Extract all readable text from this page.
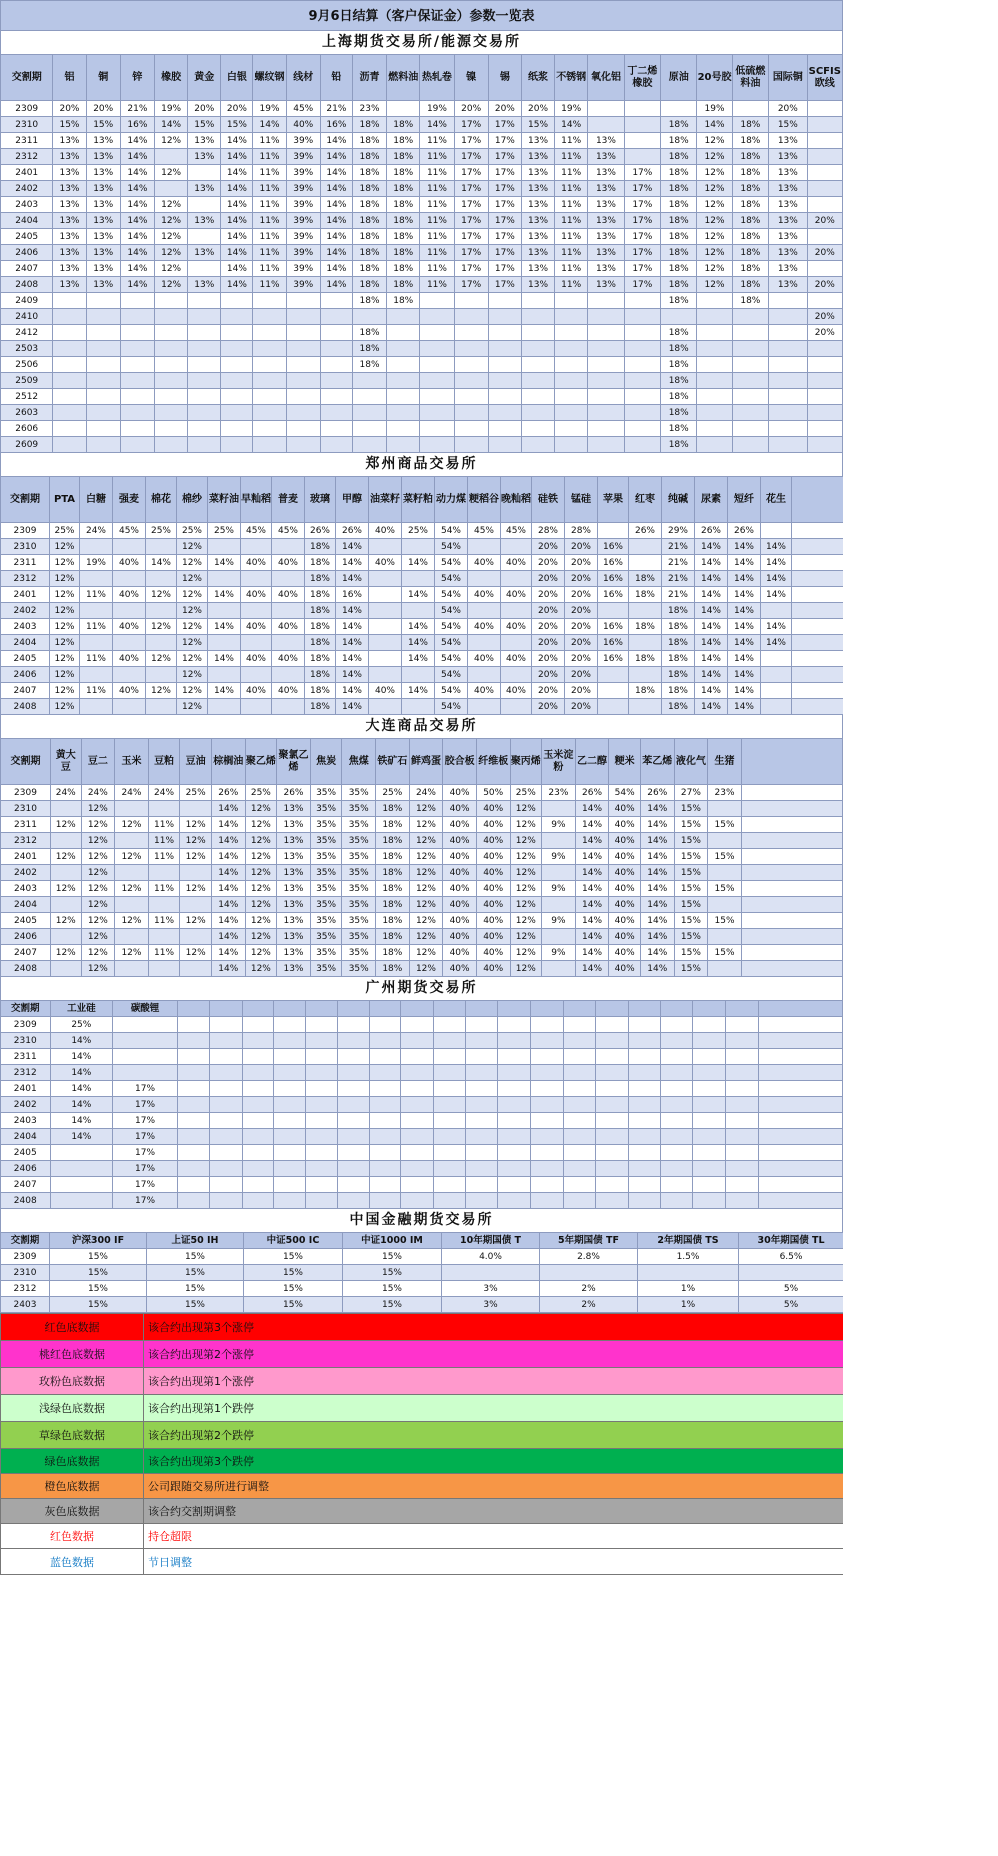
9月6日结算（客户保证金）参数一览表
上海期货交易所/能源交易所
交割期	铝	铜	锌	橡胶	黄金	白银	螺纹钢	线材	铅	沥青	燃料油	热轧卷	镍	锡	纸浆	不锈钢	氧化铝	丁二烯橡胶	原油	20号胶	低硫燃料油	国际铜	SCFIS欧线
2309	20%	20%	21%	19%	20%	20%	19%	45%	21%	23%		19%	20%	20%	20%	19%				19%		20%	
2310	15%	15%	16%	14%	15%	15%	14%	40%	16%	18%	18%	14%	17%	17%	15%	14%			18%	14%	18%	15%	
2311	13%	13%	14%	12%	13%	14%	11%	39%	14%	18%	18%	11%	17%	17%	13%	11%	13%		18%	12%	18%	13%	
2312	13%	13%	14%		13%	14%	11%	39%	14%	18%	18%	11%	17%	17%	13%	11%	13%		18%	12%	18%	13%	
2401	13%	13%	14%	12%		14%	11%	39%	14%	18%	18%	11%	17%	17%	13%	11%	13%	17%	18%	12%	18%	13%	
2402	13%	13%	14%		13%	14%	11%	39%	14%	18%	18%	11%	17%	17%	13%	11%	13%	17%	18%	12%	18%	13%	
2403	13%	13%	14%	12%		14%	11%	39%	14%	18%	18%	11%	17%	17%	13%	11%	13%	17%	18%	12%	18%	13%	
2404	13%	13%	14%	12%	13%	14%	11%	39%	14%	18%	18%	11%	17%	17%	13%	11%	13%	17%	18%	12%	18%	13%	20%
2405	13%	13%	14%	12%		14%	11%	39%	14%	18%	18%	11%	17%	17%	13%	11%	13%	17%	18%	12%	18%	13%	
2406	13%	13%	14%	12%	13%	14%	11%	39%	14%	18%	18%	11%	17%	17%	13%	11%	13%	17%	18%	12%	18%	13%	20%
2407	13%	13%	14%	12%		14%	11%	39%	14%	18%	18%	11%	17%	17%	13%	11%	13%	17%	18%	12%	18%	13%	
2408	13%	13%	14%	12%	13%	14%	11%	39%	14%	18%	18%	11%	17%	17%	13%	11%	13%	17%	18%	12%	18%	13%	20%
2409										18%	18%								18%		18%		
2410																							20%
2412										18%									18%				20%
2503										18%									18%				
2506										18%									18%				
2509																			18%				
2512																			18%				
2603																			18%				
2606																			18%				
2609																			18%				
郑州商品交易所
交割期	PTA	白糖	强麦	棉花	棉纱	菜籽油	早籼稻	普麦	玻璃	甲醇	油菜籽	菜籽粕	动力煤	粳稻谷	晚籼稻	硅铁	锰硅	苹果	红枣	纯碱	尿素	短纤	花生	
2309	25%	24%	45%	25%	25%	25%	45%	45%	26%	26%	40%	25%	54%	45%	45%	28%	28%		26%	29%	26%	26%		
2310	12%				12%				18%	14%			54%			20%	20%	16%		21%	14%	14%	14%	
2311	12%	19%	40%	14%	12%	14%	40%	40%	18%	14%	40%	14%	54%	40%	40%	20%	20%	16%		21%	14%	14%	14%	
2312	12%				12%				18%	14%			54%			20%	20%	16%	18%	21%	14%	14%	14%	
2401	12%	11%	40%	12%	12%	14%	40%	40%	18%	16%		14%	54%	40%	40%	20%	20%	16%	18%	21%	14%	14%	14%	
2402	12%				12%				18%	14%			54%			20%	20%			18%	14%	14%		
2403	12%	11%	40%	12%	12%	14%	40%	40%	18%	14%		14%	54%	40%	40%	20%	20%	16%	18%	18%	14%	14%	14%	
2404	12%				12%				18%	14%		14%	54%			20%	20%	16%		18%	14%	14%	14%	
2405	12%	11%	40%	12%	12%	14%	40%	40%	18%	14%		14%	54%	40%	40%	20%	20%	16%	18%	18%	14%	14%		
2406	12%				12%				18%	14%			54%			20%	20%			18%	14%	14%		
2407	12%	11%	40%	12%	12%	14%	40%	40%	18%	14%	40%	14%	54%	40%	40%	20%	20%		18%	18%	14%	14%		
2408	12%				12%				18%	14%			54%			20%	20%			18%	14%	14%		
大连商品交易所
交割期	黄大豆	豆二	玉米	豆粕	豆油	棕榈油	聚乙烯	聚氯乙烯	焦炭	焦煤	铁矿石	鲜鸡蛋	胶合板	纤维板	聚丙烯	玉米淀粉	乙二醇	粳米	苯乙烯	液化气	生猪	
2309	24%	24%	24%	24%	25%	26%	25%	26%	35%	35%	25%	24%	40%	50%	25%	23%	26%	54%	26%	27%	23%	
2310		12%				14%	12%	13%	35%	35%	18%	12%	40%	40%	12%		14%	40%	14%	15%		
2311	12%	12%	12%	11%	12%	14%	12%	13%	35%	35%	18%	12%	40%	40%	12%	9%	14%	40%	14%	15%	15%	
2312		12%		11%	12%	14%	12%	13%	35%	35%	18%	12%	40%	40%	12%		14%	40%	14%	15%		
2401	12%	12%	12%	11%	12%	14%	12%	13%	35%	35%	18%	12%	40%	40%	12%	9%	14%	40%	14%	15%	15%	
2402		12%				14%	12%	13%	35%	35%	18%	12%	40%	40%	12%		14%	40%	14%	15%		
2403	12%	12%	12%	11%	12%	14%	12%	13%	35%	35%	18%	12%	40%	40%	12%	9%	14%	40%	14%	15%	15%	
2404		12%				14%	12%	13%	35%	35%	18%	12%	40%	40%	12%		14%	40%	14%	15%		
2405	12%	12%	12%	11%	12%	14%	12%	13%	35%	35%	18%	12%	40%	40%	12%	9%	14%	40%	14%	15%	15%	
2406		12%				14%	12%	13%	35%	35%	18%	12%	40%	40%	12%		14%	40%	14%	15%		
2407	12%	12%	12%	11%	12%	14%	12%	13%	35%	35%	18%	12%	40%	40%	12%	9%	14%	40%	14%	15%	15%	
2408		12%				14%	12%	13%	35%	35%	18%	12%	40%	40%	12%		14%	40%	14%	15%		
广州期货交易所
交割期	工业硅	碳酸锂																			
2309	25%																				
2310	14%																				
2311	14%																				
2312	14%																				
2401	14%	17%																			
2402	14%	17%																			
2403	14%	17%																			
2404	14%	17%																			
2405		17%																			
2406		17%																			
2407		17%																			
2408		17%																			
中国金融期货交易所
交割期	沪深300 IF	上证50 IH	中证500 IC	中证1000 IM	10年期国债 T	5年期国债 TF	2年期国债 TS	30年期国债 TL
2309	15%	15%	15%	15%	4.0%	2.8%	1.5%	6.5%
2310	15%	15%	15%	15%				
2312	15%	15%	15%	15%	3%	2%	1%	5%
2403	15%	15%	15%	15%	3%	2%	1%	5%
红色底数据	该合约出现第3个涨停
桃红色底数据	该合约出现第2个涨停
玫粉色底数据	该合约出现第1个涨停
浅绿色底数据	该合约出现第1个跌停
草绿色底数据	该合约出现第2个跌停
绿色底数据	该合约出现第3个跌停
橙色底数据	公司跟随交易所进行调整
灰色底数据	该合约交割期调整
红色数据	持仓超限
蓝色数据	节日调整
